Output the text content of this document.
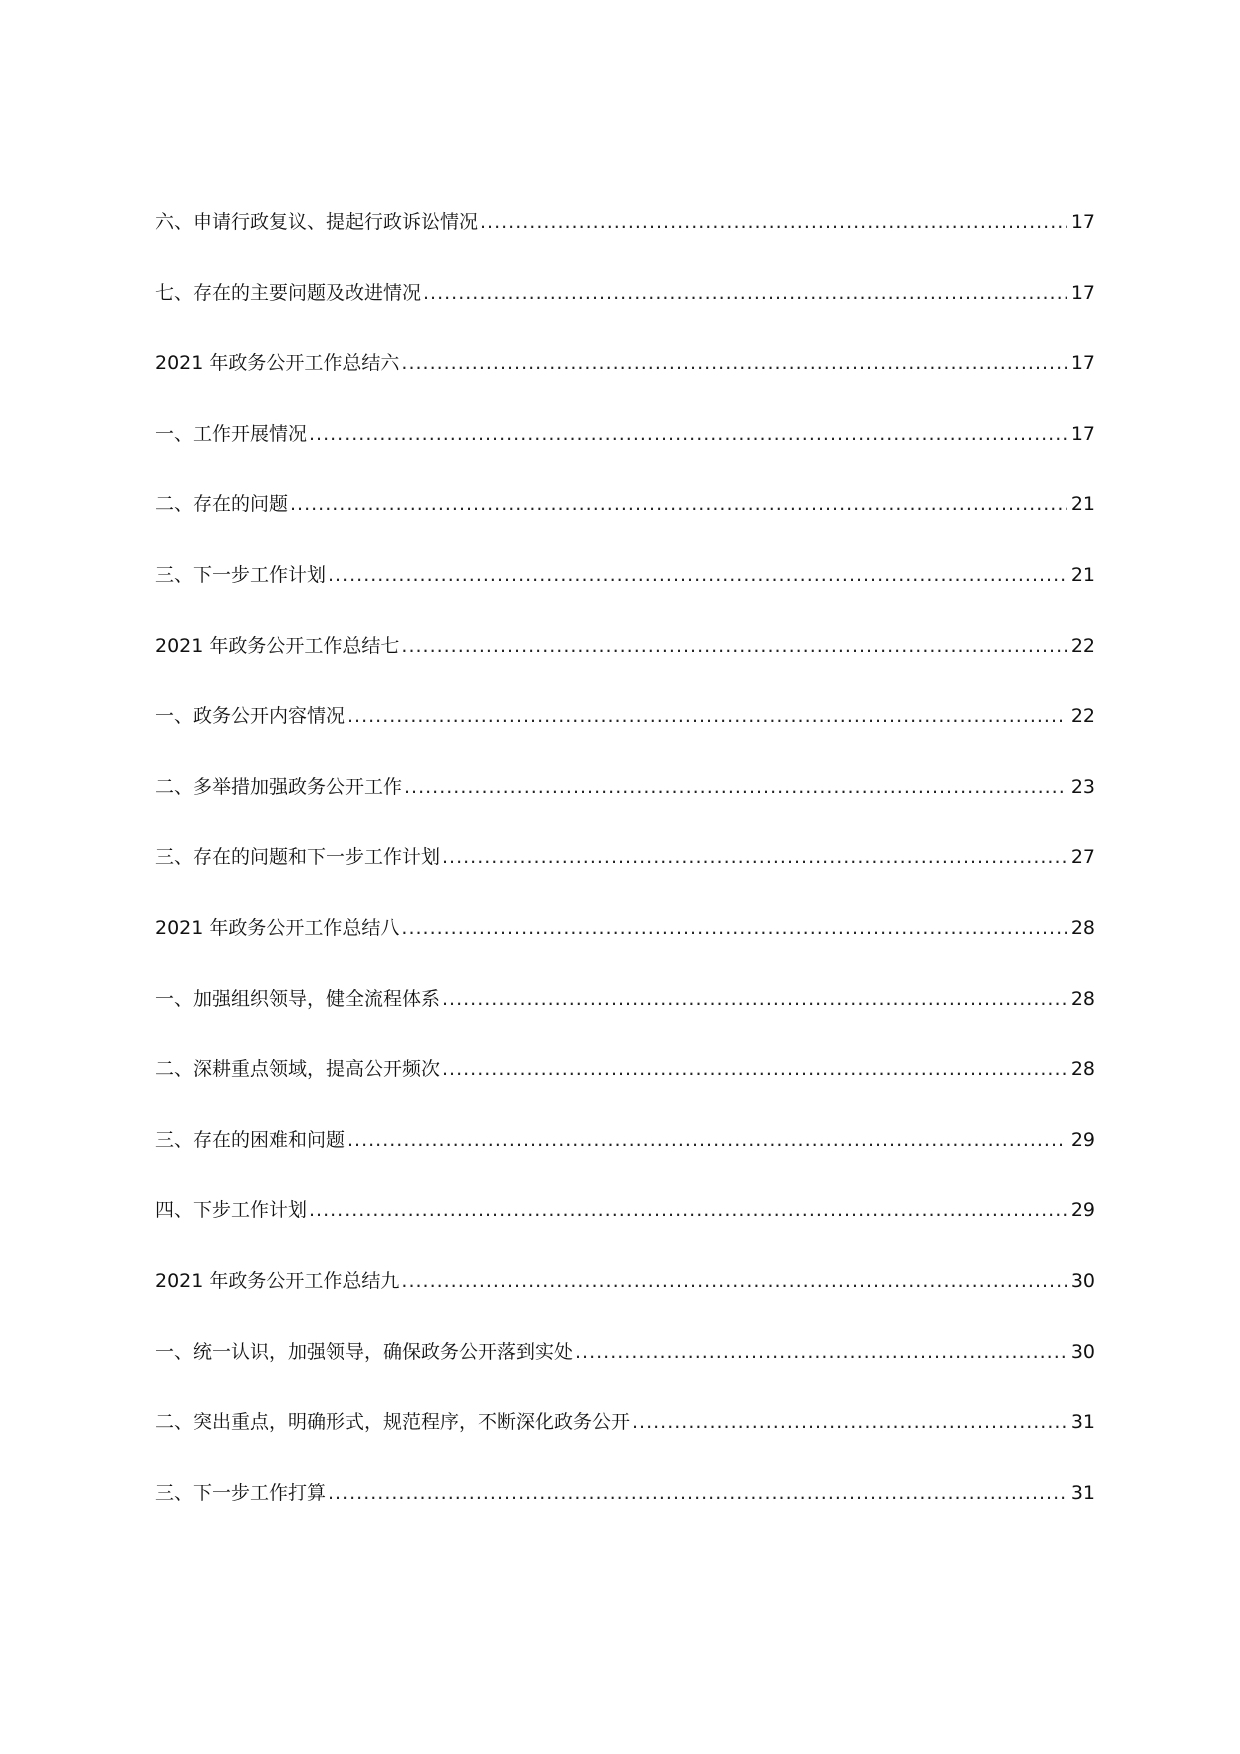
六、申请行政复议、提起行政诉讼情况 .....	17
七、存在的主要问题及改进情况 .....	17
2021 年政务公开工作总结六 .....	17
一、工作开展情况 .....	17
二、存在的问题 .....	21
三、下一步工作计划 .....	21
2021 年政务公开工作总结七 .....	22
一、政务公开内容情况 .....	22
二、多举措加强政务公开工作 .....	23
三、存在的问题和下一步工作计划 .....	27
2021 年政务公开工作总结八 .....	28
一、加强组织领导，健全流程体系 .....	28
二、深耕重点领域，提高公开频次 .....	28
三、存在的困难和问题 .....	29
四、下步工作计划 .....	29
2021 年政务公开工作总结九 .....	30
一、统一认识，加强领导，确保政务公开落到实处 .....	30
二、突出重点，明确形式，规范程序，不断深化政务公开 .....	31
三、下一步工作打算 .....	31
